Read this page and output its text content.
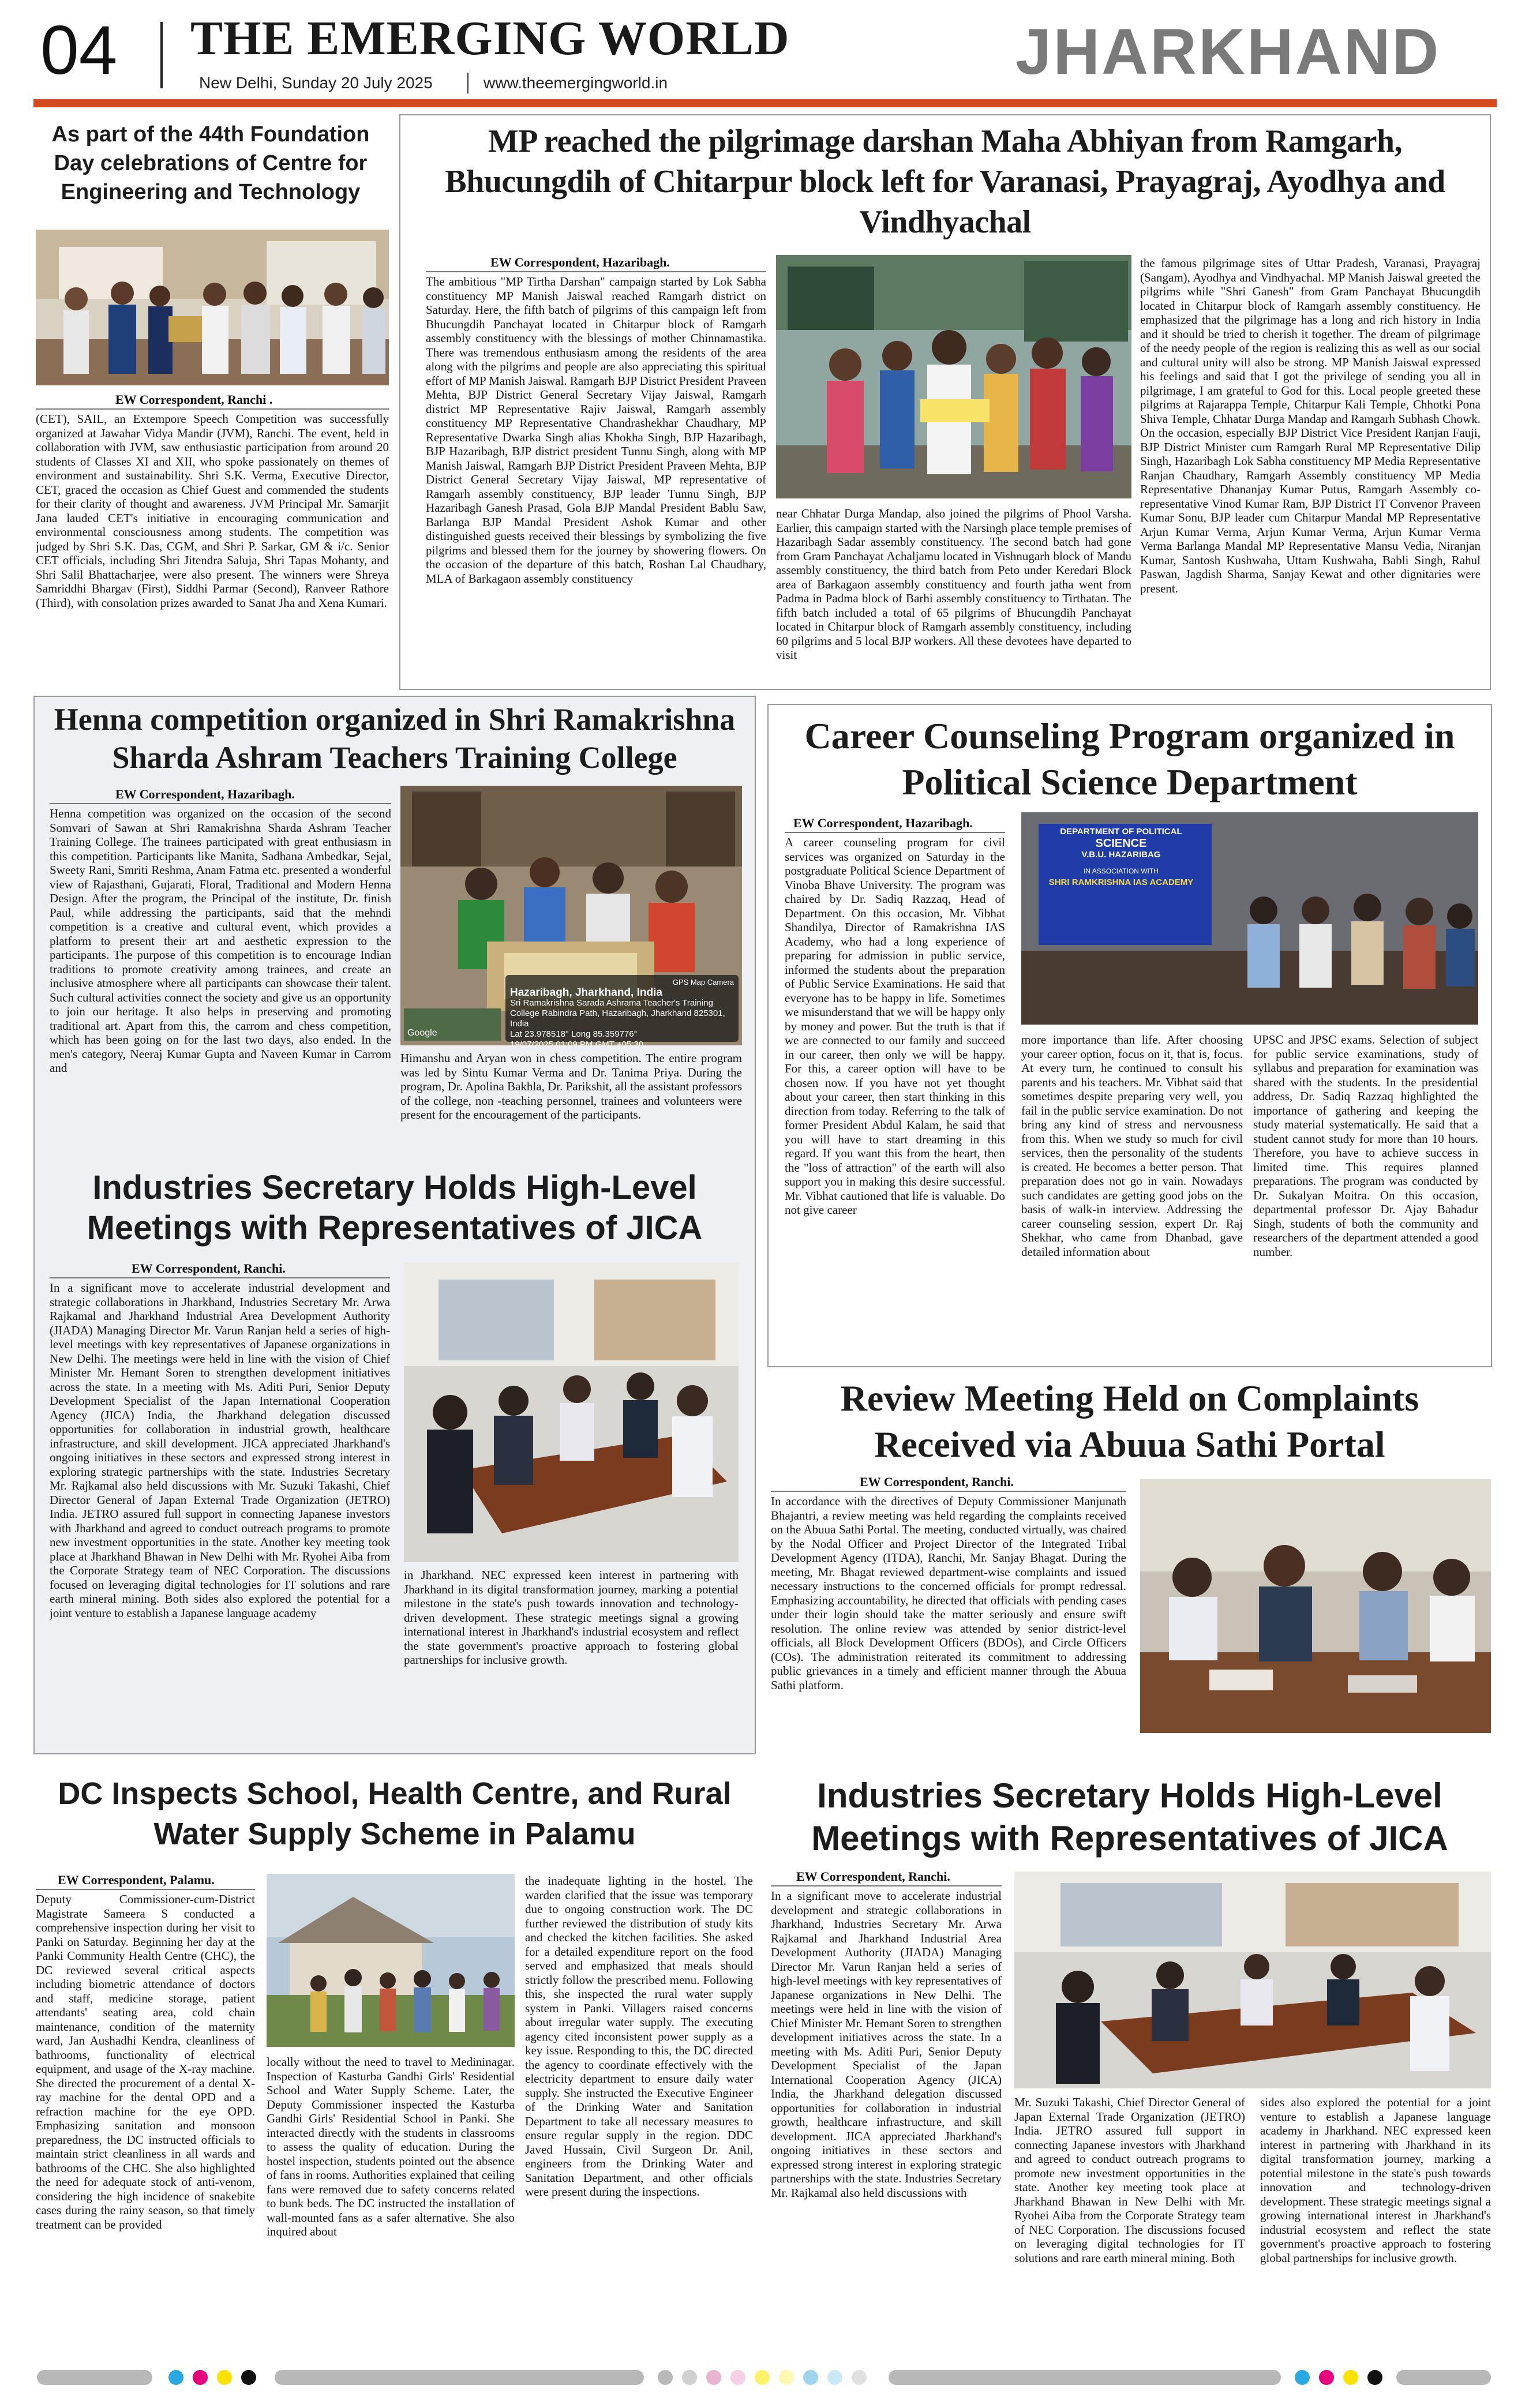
04 THE EMERGING WORLD
New Delhi, Sunday 20 July 2025	www.theemergingworld.in	JHARKHAND
As part of the 44th Foundation Day celebrations of Centre for Engineering and Technology
EW Correspondent, Ranchi .
(CET), SAIL, an Extempore Speech Competition was successfully organized at Jawahar Vidya Mandir (JVM), Ranchi. The event, held in collaboration with JVM, saw enthusiastic participation from around 20 students of Classes XI and XII, who spoke passionately on themes of environment and sustainability. Shri S.K. Verma, Executive Director, CET, graced the occasion as Chief Guest and commended the students for their clarity of thought and awareness. JVM Principal Mr. Samarjit Jana lauded CET's initiative in encouraging communication and environmental consciousness among students. The competition was judged by Shri S.K. Das, CGM, and Shri P. Sarkar, GM & i/c. Senior CET officials, including Shri Jitendra Saluja, Shri Tapas Mohanty, and Shri Salil Bhattacharjee, were also present. The winners were Shreya Samriddhi Bhargav (First), Siddhi Parmar (Second), Ranveer Rathore (Third), with consolation prizes awarded to Sanat Jha and Xena Kumari.
MP reached the pilgrimage darshan Maha Abhiyan from Ramgarh, Bhucungdih of Chitarpur block left for Varanasi, Prayagraj, Ayodhya and Vindhyachal
EW Correspondent, Hazaribagh.
The ambitious "MP Tirtha Darshan" campaign started by Lok Sabha constituency MP Manish Jaiswal reached Ramgarh district on Saturday. Here, the fifth batch of pilgrims of this campaign left from Bhucungdih Panchayat located in Chitarpur block of Ramgarh assembly constituency with the blessings of mother Chinnamastika. There was tremendous enthusiasm among the residents of the area along with the pilgrims and people are also appreciating this spiritual effort of MP Manish Jaiswal. Ramgarh BJP District President Praveen Mehta, BJP District General Secretary Vijay Jaiswal, Ramgarh district MP Representative Rajiv Jaiswal, Ramgarh assembly constituency MP Representative Chandrashekhar Chaudhary, MP Representative Dwarka Singh alias Khokha Singh, BJP Hazaribagh, BJP Hazaribagh, BJP district president Tunnu Singh, along with MP Manish Jaiswal, Ramgarh BJP District President Praveen Mehta, BJP District General Secretary Vijay Jaiswal, MP representative of Ramgarh assembly constituency, BJP leader Tunnu Singh, BJP Hazaribagh Ganesh Prasad, Gola BJP Mandal President Bablu Saw, Barlanga BJP Mandal President Ashok Kumar and other distinguished guests received their blessings by symbolizing the five pilgrims and blessed them for the journey by showering flowers. On the occasion of the departure of this batch, Roshan Lal Chaudhary, MLA of Barkagaon assembly constituency
near Chhatar Durga Mandap, also joined the pilgrims of Phool Varsha. Earlier, this campaign started with the Narsingh place temple premises of Hazaribagh Sadar assembly constituency. The second batch had gone from Gram Panchayat Achaljamu located in Vishnugarh block of Mandu assembly constituency, the third batch from Peto under Keredari Block area of Barkagaon assembly constituency and fourth jatha went from Padma in Padma block of Barhi assembly constituency to Tirthatan. The fifth batch included a total of 65 pilgrims of Bhucungdih Panchayat located in Chitarpur block of Ramgarh assembly constituency, including 60 pilgrims and 5 local BJP workers. All these devotees have departed to visit
the famous pilgrimage sites of Uttar Pradesh, Varanasi, Prayagraj (Sangam), Ayodhya and Vindhyachal. MP Manish Jaiswal greeted the pilgrims while "Shri Ganesh" from Gram Panchayat Bhucungdih located in Chitarpur block of Ramgarh assembly constituency. He emphasized that the pilgrimage has a long and rich history in India and it should be tried to cherish it together. The dream of pilgrimage of the needy people of the region is realizing this as well as our social and cultural unity will also be strong. MP Manish Jaiswal expressed his feelings and said that I got the privilege of sending you all in pilgrimage, I am grateful to God for this. Local people greeted these pilgrims at Rajarappa Temple, Chitarpur Kali Temple, Chhotki Pona Shiva Temple, Chhatar Durga Mandap and Ramgarh Subhash Chowk. On the occasion, especially BJP District Vice President Ranjan Fauji, BJP District Minister cum Ramgarh Rural MP Representative Dilip Singh, Hazaribagh Lok Sabha constituency MP Media Representative Ranjan Chaudhary, Ramgarh Assembly constituency MP Media Representative Dhananjay Kumar Putus, Ramgarh Assembly co-representative Vinod Kumar Ram, BJP District IT Convenor Praveen Kumar Sonu, BJP leader cum Chitarpur Mandal MP Representative Arjun Kumar Verma, Arjun Kumar Verma, Arjun Kumar Verma Verma Barlanga Mandal MP Representative Mansu Vedia, Niranjan Kumar, Santosh Kushwaha, Uttam Kushwaha, Babli Singh, Rahul Paswan, Jagdish Sharma, Sanjay Kewat and other dignitaries were present.
Henna competition organized in Shri Ramakrishna Sharda Ashram Teachers Training College
EW Correspondent, Hazaribagh.
Henna competition was organized on the occasion of the second Somvari of Sawan at Shri Ramakrishna Sharda Ashram Teacher Training College. The trainees participated with great enthusiasm in this competition. Participants like Manita, Sadhana Ambedkar, Sejal, Sweety Rani, Smriti Reshma, Anam Fatma etc. presented a wonderful view of Rajasthani, Gujarati, Floral, Traditional and Modern Henna Design. After the program, the Principal of the institute, Dr. finish Paul, while addressing the participants, said that the mehndi competition is a creative and cultural event, which provides a platform to present their art and aesthetic expression to the participants. The purpose of this competition is to encourage Indian traditions to promote creativity among trainees, and create an inclusive atmosphere where all participants can showcase their talent. Such cultural activities connect the society and give us an opportunity to join our heritage. It also helps in preserving and promoting traditional art. Apart from this, the carrom and chess competition, which has been going on for the last two days, also ended. In the men's category, Neeraj Kumar Gupta and Naveen Kumar in Carrom and
GPS Map Camera
Hazaribagh, Jharkhand, India
Sri Ramakrishna Sarada Ashrama Teacher's Training College Rabindra Path, Hazaribagh, Jharkhand 825301, India
Lat 23.978518° Long 85.359776°
19/07/2025 01:09 PM GMT +05:30
Google
Himanshu and Aryan won in chess competition. The entire program was led by Sintu Kumar Verma and Dr. Tanima Priya. During the program, Dr. Apolina Bakhla, Dr. Parikshit, all the assistant professors of the college, non -teaching personnel, trainees and volunteers were present for the encouragement of the participants.
Industries Secretary Holds High-Level Meetings with Representatives of JICA
EW Correspondent, Ranchi.
In a significant move to accelerate industrial development and strategic collaborations in Jharkhand, Industries Secretary Mr. Arwa Rajkamal and Jharkhand Industrial Area Development Authority (JIADA) Managing Director Mr. Varun Ranjan held a series of high-level meetings with key representatives of Japanese organizations in New Delhi. The meetings were held in line with the vision of Chief Minister Mr. Hemant Soren to strengthen development initiatives across the state. In a meeting with Ms. Aditi Puri, Senior Deputy Development Specialist of the Japan International Cooperation Agency (JICA) India, the Jharkhand delegation discussed opportunities for collaboration in industrial growth, healthcare infrastructure, and skill development. JICA appreciated Jharkhand's ongoing initiatives in these sectors and expressed strong interest in exploring strategic partnerships with the state. Industries Secretary Mr. Rajkamal also held discussions with Mr. Suzuki Takashi, Chief Director General of Japan External Trade Organization (JETRO) India. JETRO assured full support in connecting Japanese investors with Jharkhand and agreed to conduct outreach programs to promote new investment opportunities in the state. Another key meeting took place at Jharkhand Bhawan in New Delhi with Mr. Ryohei Aiba from the Corporate Strategy team of NEC Corporation. The discussions focused on leveraging digital technologies for IT solutions and rare earth mineral mining. Both sides also explored the potential for a joint venture to establish a Japanese language academy
in Jharkhand. NEC expressed keen interest in partnering with Jharkhand in its digital transformation journey, marking a potential milestone in the state's push towards innovation and technology-driven development. These strategic meetings signal a growing international interest in Jharkhand's industrial ecosystem and reflect the state government's proactive approach to fostering global partnerships for inclusive growth.
Career Counseling Program organized in Political Science Department
EW Correspondent, Hazaribagh.
A career counseling program for civil services was organized on Saturday in the postgraduate Political Science Department of Vinoba Bhave University. The program was chaired by Dr. Sadiq Razzaq, Head of Department. On this occasion, Mr. Vibhat Shandilya, Director of Ramakrishna IAS Academy, who had a long experience of preparing for admission in public service, informed the students about the preparation of Public Service Examinations. He said that everyone has to be happy in life. Sometimes we misunderstand that we will be happy only by money and power. But the truth is that if we are connected to our family and succeed in our career, then only we will be happy. For this, a career option will have to be chosen now. If you have not yet thought about your career, then start thinking in this direction from today. Referring to the talk of former President Abdul Kalam, he said that you will have to start dreaming in this regard. If you want this from the heart, then the "loss of attraction" of the earth will also support you in making this desire successful. Mr. Vibhat cautioned that life is valuable. Do not give career
DEPARTMENT OF POLITICAL
SCIENCE
V.B.U. HAZARIBAG
IN ASSOCIATION WITH
SHRI RAMKRISHNA IAS ACADEMY
more importance than life. After choosing your career option, focus on it, that is, focus. At every turn, he continued to consult his parents and his teachers. Mr. Vibhat said that sometimes despite preparing very well, you fail in the public service examination. Do not bring any kind of stress and nervousness from this. When we study so much for civil services, then the personality of the students is created. He becomes a better person. That preparation does not go in vain. Nowadays such candidates are getting good jobs on the basis of walk-in interview. Addressing the career counseling session, expert Dr. Raj Shekhar, who came from Dhanbad, gave detailed information about
UPSC and JPSC exams. Selection of subject for public service examinations, study of syllabus and preparation for examination was shared with the students. In the presidential address, Dr. Sadiq Razzaq highlighted the importance of gathering and keeping the study material systematically. He said that a student cannot study for more than 10 hours. Therefore, you have to achieve success in limited time. This requires planned preparations. The program was conducted by Dr. Sukalyan Moitra. On this occasion, departmental professor Dr. Ajay Bahadur Singh, students of both the community and researchers of the department attended a good number.
Review Meeting Held on Complaints Received via Abuua Sathi Portal
EW Correspondent, Ranchi.
In accordance with the directives of Deputy Commissioner Manjunath Bhajantri, a review meeting was held regarding the complaints received on the Abuua Sathi Portal. The meeting, conducted virtually, was chaired by the Nodal Officer and Project Director of the Integrated Tribal Development Agency (ITDA), Ranchi, Mr. Sanjay Bhagat. During the meeting, Mr. Bhagat reviewed department-wise complaints and issued necessary instructions to the concerned officials for prompt redressal. Emphasizing accountability, he directed that officials with pending cases under their login should take the matter seriously and ensure swift resolution. The online review was attended by senior district-level officials, all Block Development Officers (BDOs), and Circle Officers (COs). The administration reiterated its commitment to addressing public grievances in a timely and efficient manner through the Abuua Sathi platform.
DC Inspects School, Health Centre, and Rural Water Supply Scheme in Palamu
EW Correspondent, Palamu.
Deputy Commissioner-cum-District Magistrate Sameera S conducted a comprehensive inspection during her visit to Panki on Saturday. Beginning her day at the Panki Community Health Centre (CHC), the DC reviewed several critical aspects including biometric attendance of doctors and staff, medicine storage, patient attendants' seating area, cold chain maintenance, condition of the maternity ward, Jan Aushadhi Kendra, cleanliness of bathrooms, functionality of electrical equipment, and usage of the X-ray machine. She directed the procurement of a dental X-ray machine for the dental OPD and a refraction machine for the eye OPD. Emphasizing sanitation and monsoon preparedness, the DC instructed officials to maintain strict cleanliness in all wards and bathrooms of the CHC. She also highlighted the need for adequate stock of anti-venom, considering the high incidence of snakebite cases during the rainy season, so that timely treatment can be provided
locally without the need to travel to Medininagar. Inspection of Kasturba Gandhi Girls' Residential School and Water Supply Scheme. Later, the Deputy Commissioner inspected the Kasturba Gandhi Girls' Residential School in Panki. She interacted directly with the students in classrooms to assess the quality of education. During the hostel inspection, students pointed out the absence of fans in rooms. Authorities explained that ceiling fans were removed due to safety concerns related to bunk beds. The DC instructed the installation of wall-mounted fans as a safer alternative. She also inquired about
the inadequate lighting in the hostel. The warden clarified that the issue was temporary due to ongoing construction work. The DC further reviewed the distribution of study kits and checked the kitchen facilities. She asked for a detailed expenditure report on the food served and emphasized that meals should strictly follow the prescribed menu. Following this, she inspected the rural water supply system in Panki. Villagers raised concerns about irregular water supply. The executing agency cited inconsistent power supply as a key issue. Responding to this, the DC directed the agency to coordinate effectively with the electricity department to ensure daily water supply. She instructed the Executive Engineer of the Drinking Water and Sanitation Department to take all necessary measures to ensure regular supply in the region. DDC Javed Hussain, Civil Surgeon Dr. Anil, engineers from the Drinking Water and Sanitation Department, and other officials were present during the inspections.
Industries Secretary Holds High-Level Meetings with Representatives of JICA
EW Correspondent, Ranchi.
In a significant move to accelerate industrial development and strategic collaborations in Jharkhand, Industries Secretary Mr. Arwa Rajkamal and Jharkhand Industrial Area Development Authority (JIADA) Managing Director Mr. Varun Ranjan held a series of high-level meetings with key representatives of Japanese organizations in New Delhi. The meetings were held in line with the vision of Chief Minister Mr. Hemant Soren to strengthen development initiatives across the state. In a meeting with Ms. Aditi Puri, Senior Deputy Development Specialist of the Japan International Cooperation Agency (JICA) India, the Jharkhand delegation discussed opportunities for collaboration in industrial growth, healthcare infrastructure, and skill development. JICA appreciated Jharkhand's ongoing initiatives in these sectors and expressed strong interest in exploring strategic partnerships with the state. Industries Secretary Mr. Rajkamal also held discussions with
Mr. Suzuki Takashi, Chief Director General of Japan External Trade Organization (JETRO) India. JETRO assured full support in connecting Japanese investors with Jharkhand and agreed to conduct outreach programs to promote new investment opportunities in the state. Another key meeting took place at Jharkhand Bhawan in New Delhi with Mr. Ryohei Aiba from the Corporate Strategy team of NEC Corporation. The discussions focused on leveraging digital technologies for IT solutions and rare earth mineral mining. Both
sides also explored the potential for a joint venture to establish a Japanese language academy in Jharkhand. NEC expressed keen interest in partnering with Jharkhand in its digital transformation journey, marking a potential milestone in the state's push towards innovation and technology-driven development. These strategic meetings signal a growing international interest in Jharkhand's industrial ecosystem and reflect the state government's proactive approach to fostering global partnerships for inclusive growth.
